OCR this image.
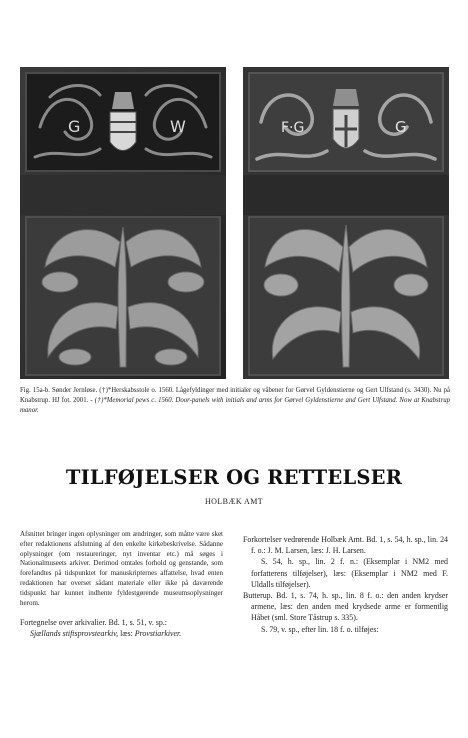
G	W	F·G	G
Fig. 15a-b. Sønder Jernløse. (†)*Herskabsstole o. 1560. Lågefyldinger med initialer og våbener for Gørvel Gyldenstierne og Gert Ulfstand (s. 3430). Nu på Knabstrup. HJ fot. 2001. - (†)*Memorial pews c. 1560. Door-panels with initials and arms for Gørvel Gyldenstierne and Gert Ulfstand. Now at Knabstrup manor.
TILFØJELSER OG RETTELSER
HOLBÆK AMT

Afsnittet bringer ingen oplysninger om ændringer, som måtte være sket efter redaktionens afslutning af den enkelte kirkebeskrivelse. Sådanne oplysninger (om restaureringer, nyt inventar etc.) må søges i Nationalmuseets arkiver. Derimod omtales forhold og genstande, som forefandtes på tidspunktet for manuskripternes affattelse, hvad enten redaktionen har overset sådant materiale eller ikke på daværende tidspunkt har kunnet indhente fyldestgørende museumsoplysninger herom.

Fortegnelse over arkivalier. Bd. 1, s. 51, v. sp.:
Sjællands stiftsprovstearkiv, læs: Provstiarkiver.

Forkortelser vedrørende Holbæk Amt. Bd. 1, s. 54, h. sp., lin. 24 f. o.: J. M. Larsen, læs: J. H. Larsen.

S. 54, h. sp., lin. 2 f. n.: (Eksemplar i NM2 med forfatterens tilføjelser), læs: (Eksemplar i NM2 med F. Uldalls tilføjelser).

Butterup. Bd. 1, s. 74, h. sp., lin. 8 f. o.: den anden krydser armene, læs: den anden med krydsede arme er formentlig Håbet (sml. Store Tåstrup s. 335).

S. 79, v. sp., efter lin. 18 f. o. tilføjes:
